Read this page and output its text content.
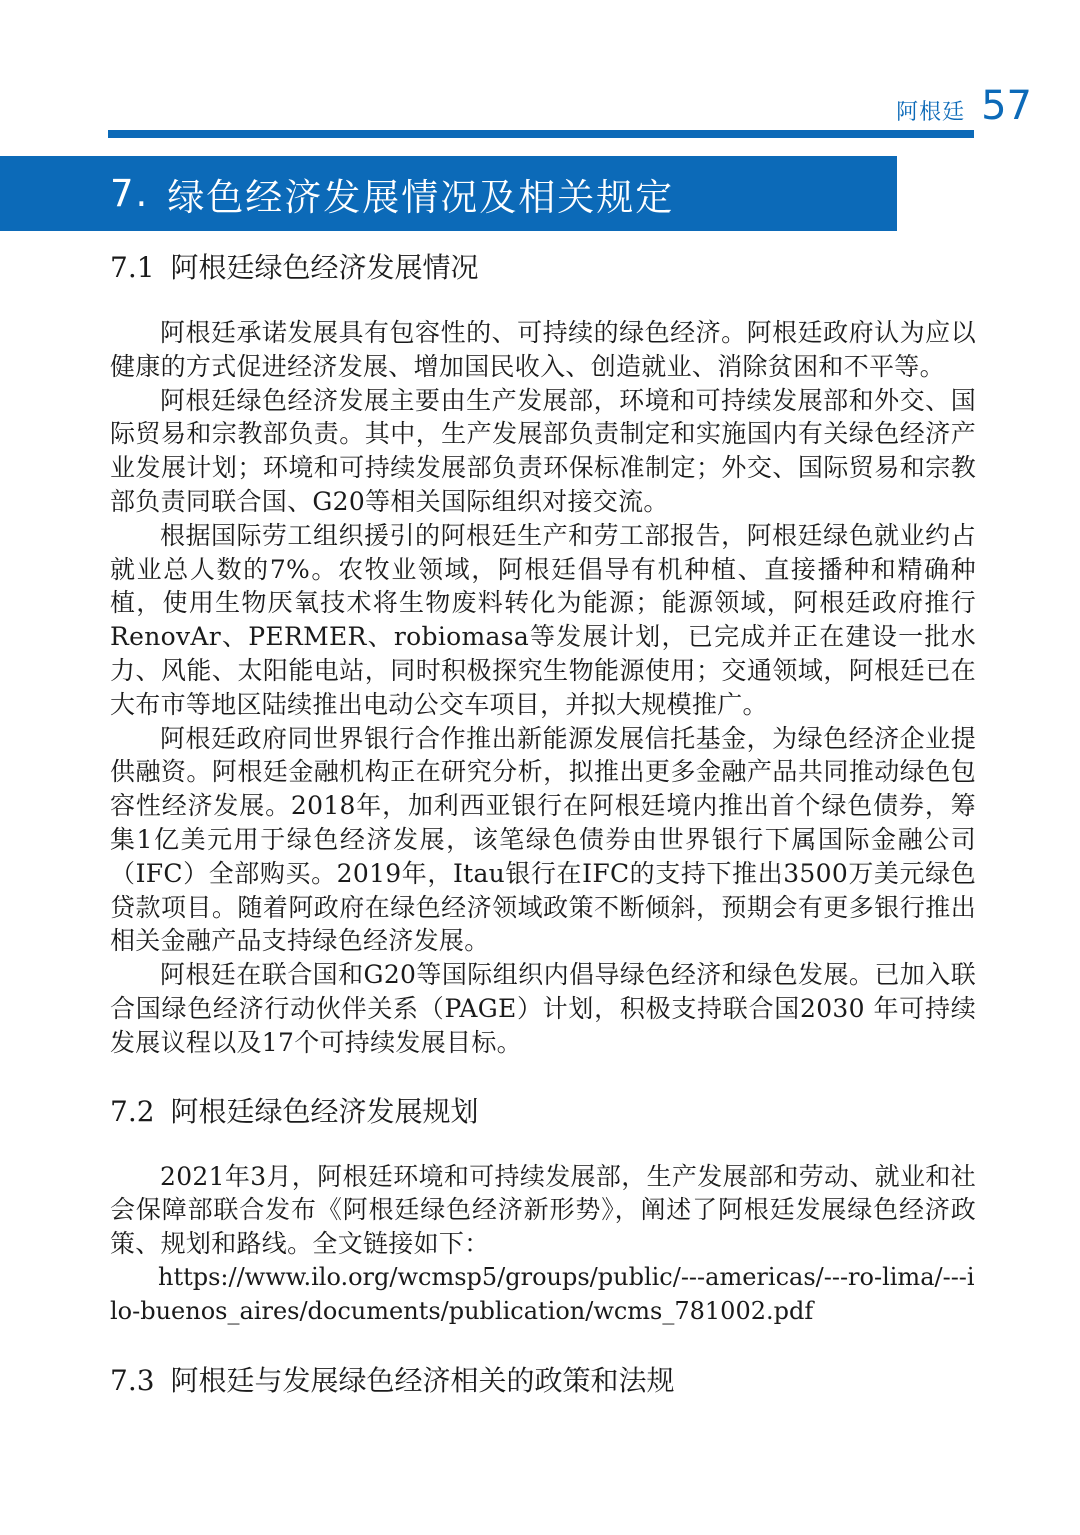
阿根廷 57
7. 绿色经济发展情况及相关规定
7.1 阿根廷绿色经济发展情况

阿根廷承诺发展具有包容性的、可持续的绿色经济。阿根廷政府认为应以健康的方式促进经济发展、增加国民收入、创造就业、消除贫困和不平等。

阿根廷绿色经济发展主要由生产发展部，环境和可持续发展部和外交、国际贸易和宗教部负责。其中，生产发展部负责制定和实施国内有关绿色经济产业发展计划；环境和可持续发展部负责环保标准制定；外交、国际贸易和宗教部负责同联合国、G20等相关国际组织对接交流。

根据国际劳工组织援引的阿根廷生产和劳工部报告，阿根廷绿色就业约占就业总人数的7%。农牧业领域，阿根廷倡导有机种植、直接播种和精确种植，使用生物厌氧技术将生物废料转化为能源；能源领域，阿根廷政府推行RenovAr、PERMER、robiomasa等发展计划，已完成并正在建设一批水力、风能、太阳能电站，同时积极探究生物能源使用；交通领域，阿根廷已在大布市等地区陆续推出电动公交车项目，并拟大规模推广。

阿根廷政府同世界银行合作推出新能源发展信托基金，为绿色经济企业提供融资。阿根廷金融机构正在研究分析，拟推出更多金融产品共同推动绿色包容性经济发展。2018年，加利西亚银行在阿根廷境内推出首个绿色债券，筹集1亿美元用于绿色经济发展，该笔绿色债券由世界银行下属国际金融公司（IFC）全部购买。2019年，Itau银行在IFC的支持下推出3500万美元绿色贷款项目。随着阿政府在绿色经济领域政策不断倾斜，预期会有更多银行推出相关金融产品支持绿色经济发展。

阿根廷在联合国和G20等国际组织内倡导绿色经济和绿色发展。已加入联合国绿色经济行动伙伴关系（PAGE）计划，积极支持联合国2030 年可持续发展议程以及17个可持续发展目标。

7.2 阿根廷绿色经济发展规划

2021年3月，阿根廷环境和可持续发展部，生产发展部和劳动、就业和社会保障部联合发布《阿根廷绿色经济新形势》，阐述了阿根廷发展绿色经济政策、规划和路线。全文链接如下：

https://www.ilo.org/wcmsp5/groups/public/---americas/---ro-lima/---ilo-buenos_aires/documents/publication/wcms_781002.pdf

7.3 阿根廷与发展绿色经济相关的政策和法规
